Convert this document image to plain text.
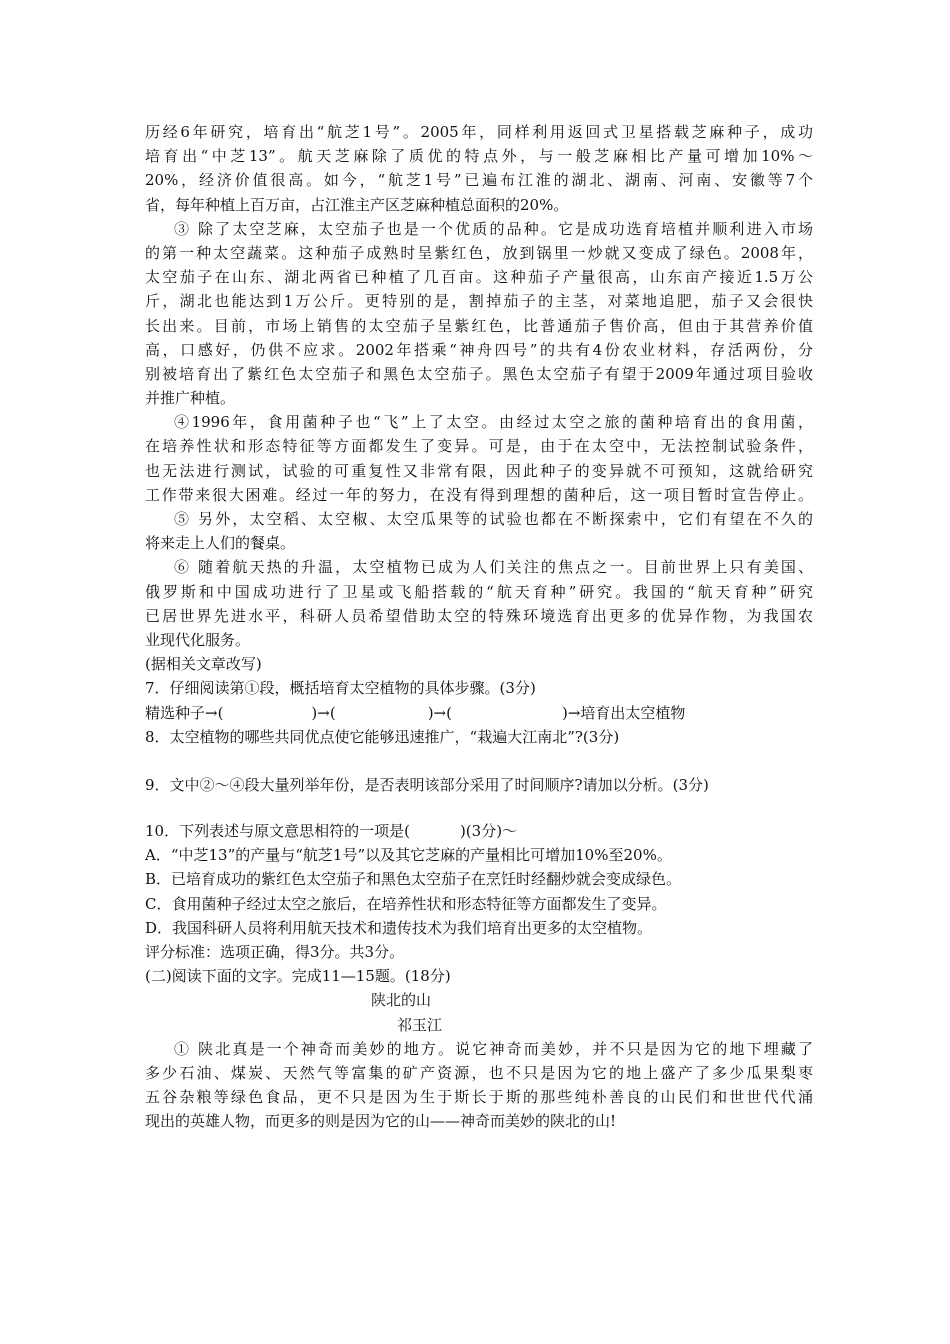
历经6年研究，培育出“航芝1号”。2005年，同样利用返回式卫星搭载芝麻种子，成功
培育出“中芝13”。航天芝麻除了质优的特点外，与一般芝麻相比产量可增加10%～
20%，经济价值很高。如今，“航芝1号”已遍布江淮的湖北、湖南、河南、安徽等7个
省，每年种植上百万亩，占江淮主产区芝麻种植总面积的20%。
③ 除了太空芝麻，太空茄子也是一个优质的品种。它是成功选育培植并顺利进入市场
的第一种太空蔬菜。这种茄子成熟时呈紫红色，放到锅里一炒就又变成了绿色。2008年，
太空茄子在山东、湖北两省已种植了几百亩。这种茄子产量很高，山东亩产接近1.5万公
斤，湖北也能达到1万公斤。更特别的是，割掉茄子的主茎，对菜地追肥，茄子又会很快
长出来。目前，市场上销售的太空茄子呈紫红色，比普通茄子售价高，但由于其营养价值
高，口感好，仍供不应求。2002年搭乘“神舟四号”的共有4份农业材料，存活两份，分
别被培育出了紫红色太空茄子和黑色太空茄子。黑色太空茄子有望于2009年通过项目验收
并推广种植。
④1996年，食用菌种子也“飞”上了太空。由经过太空之旅的菌种培育出的食用菌，
在培养性状和形态特征等方面都发生了变异。可是，由于在太空中，无法控制试验条件，
也无法进行测试，试验的可重复性又非常有限，因此种子的变异就不可预知，这就给研究
工作带来很大困难。经过一年的努力，在没有得到理想的菌种后，这一项目暂时宣告停止。
⑤ 另外，太空稻、太空椒、太空瓜果等的试验也都在不断探索中，它们有望在不久的
将来走上人们的餐桌。
⑥ 随着航天热的升温，太空植物已成为人们关注的焦点之一。目前世界上只有美国、
俄罗斯和中国成功进行了卫星或飞船搭载的“航天育种”研究。我国的“航天育种”研究
已居世界先进水平，科研人员希望借助太空的特殊环境选育出更多的优异作物，为我国农
业现代化服务。
(据相关文章改写)
7．仔细阅读第①段，概括培育太空植物的具体步骤。(3分)
精选种子→(	)→(	)→(	)→培育出太空植物
8．太空植物的哪些共同优点使它能够迅速推广，“栽遍大江南北”?(3分)
9．文中②～④段大量列举年份，是否表明该部分采用了时间顺序?请加以分析。(3分)
10．下列表述与原文意思相符的一项是(	)(3分)～
A．“中芝13”的产量与“航芝1号”以及其它芝麻的产量相比可增加10%至20%。
B．已培育成功的紫红色太空茄子和黑色太空茄子在烹饪时经翻炒就会变成绿色。
C．食用菌种子经过太空之旅后，在培养性状和形态特征等方面都发生了变异。
D．我国科研人员将利用航天技术和遗传技术为我们培育出更多的太空植物。
评分标准：选项正确，得3分。共3分。
(二)阅读下面的文字。完成11—15题。(18分)
陕北的山
祁玉江
① 陕北真是一个神奇而美妙的地方。说它神奇而美妙，并不只是因为它的地下埋藏了
多少石油、煤炭、天然气等富集的矿产资源，也不只是因为它的地上盛产了多少瓜果梨枣
五谷杂粮等绿色食品，更不只是因为生于斯长于斯的那些纯朴善良的山民们和世世代代涌
现出的英雄人物，而更多的则是因为它的山——神奇而美妙的陕北的山!
